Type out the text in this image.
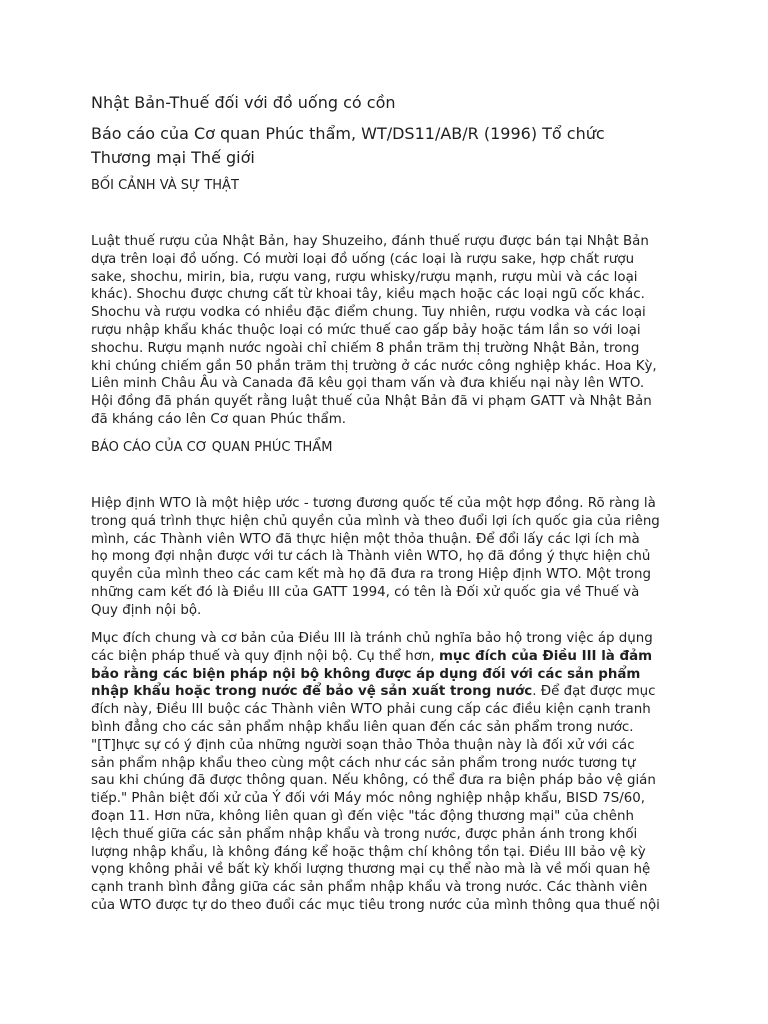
Nhật Bản-Thuế đối với đồ uống có cồn
Báo cáo của Cơ quan Phúc thẩm, WT/DS11/AB/R (1996) Tổ chức Thương mại Thế giới
BỐI CẢNH VÀ SỰ THẬT
Luật thuế rượu của Nhật Bản, hay Shuzeiho, đánh thuế rượu được bán tại Nhật Bản
dựa trên loại đồ uống. Có mười loại đồ uống (các loại là rượu sake, hợp chất rượu
sake, shochu, mirin, bia, rượu vang, rượu whisky/rượu mạnh, rượu mùi và các loại
khác). Shochu được chưng cất từ khoai tây, kiều mạch hoặc các loại ngũ cốc khác.
Shochu và rượu vodka có nhiều đặc điểm chung. Tuy nhiên, rượu vodka và các loại
rượu nhập khẩu khác thuộc loại có mức thuế cao gấp bảy hoặc tám lần so với loại
shochu. Rượu mạnh nước ngoài chỉ chiếm 8 phần trăm thị trường Nhật Bản, trong
khi chúng chiếm gần 50 phần trăm thị trường ở các nước công nghiệp khác. Hoa Kỳ,
Liên minh Châu Âu và Canada đã kêu gọi tham vấn và đưa khiếu nại này lên WTO.
Hội đồng đã phán quyết rằng luật thuế của Nhật Bản đã vi phạm GATT và Nhật Bản
đã kháng cáo lên Cơ quan Phúc thẩm.
BÁO CÁO CỦA CƠ QUAN PHÚC THẨM
Hiệp định WTO là một hiệp ước - tương đương quốc tế của một hợp đồng. Rõ ràng là
trong quá trình thực hiện chủ quyền của mình và theo đuổi lợi ích quốc gia của riêng
mình, các Thành viên WTO đã thực hiện một thỏa thuận. Để đổi lấy các lợi ích mà
họ mong đợi nhận được với tư cách là Thành viên WTO, họ đã đồng ý thực hiện chủ
quyền của mình theo các cam kết mà họ đã đưa ra trong Hiệp định WTO. Một trong
những cam kết đó là Điều III của GATT 1994, có tên là Đối xử quốc gia về Thuế và
Quy định nội bộ.
Mục đích chung và cơ bản của Điều III là tránh chủ nghĩa bảo hộ trong việc áp dụng
các biện pháp thuế và quy định nội bộ. Cụ thể hơn, mục đích của Điều III là đảm
bảo rằng các biện pháp nội bộ không được áp dụng đối với các sản phẩm
nhập khẩu hoặc trong nước để bảo vệ sản xuất trong nước. Để đạt được mục
đích này, Điều III buộc các Thành viên WTO phải cung cấp các điều kiện cạnh tranh
bình đẳng cho các sản phẩm nhập khẩu liên quan đến các sản phẩm trong nước.
"[T]hực sự có ý định của những người soạn thảo Thỏa thuận này là đối xử với các
sản phẩm nhập khẩu theo cùng một cách như các sản phẩm trong nước tương tự
sau khi chúng đã được thông quan. Nếu không, có thể đưa ra biện pháp bảo vệ gián
tiếp." Phân biệt đối xử của Ý đối với Máy móc nông nghiệp nhập khẩu, BISD 7S/60,
đoạn 11. Hơn nữa, không liên quan gì đến việc "tác động thương mại" của chênh
lệch thuế giữa các sản phẩm nhập khẩu và trong nước, được phản ánh trong khối
lượng nhập khẩu, là không đáng kể hoặc thậm chí không tồn tại. Điều III bảo vệ kỳ
vọng không phải về bất kỳ khối lượng thương mại cụ thể nào mà là về mối quan hệ
cạnh tranh bình đẳng giữa các sản phẩm nhập khẩu và trong nước. Các thành viên
của WTO được tự do theo đuổi các mục tiêu trong nước của mình thông qua thuế nội
